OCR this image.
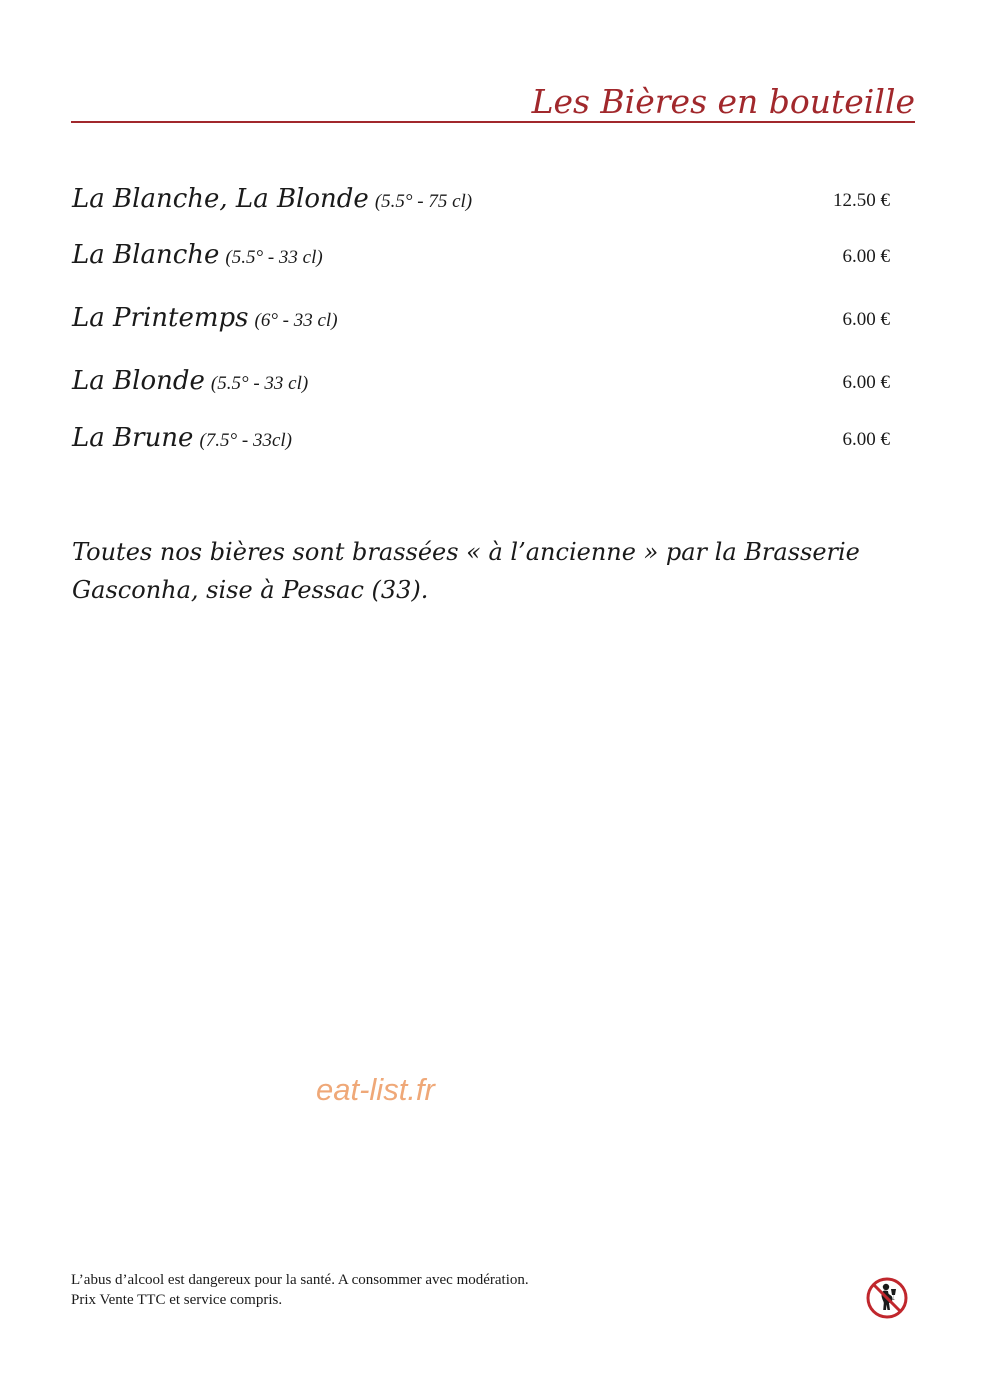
Les Bières en bouteille
La Blanche, La Blonde (5.5° - 75 cl)	12.50 €
La Blanche (5.5° - 33 cl)	6.00 €
La Printemps (6° - 33 cl)	6.00 €
La Blonde (5.5° - 33 cl)	6.00 €
La Brune (7.5° - 33cl)	6.00 €
Toutes nos bières sont brassées « à l’ancienne » par la Brasserie Gasconha, sise à Pessac (33).
eat-list.fr
L’abus d’alcool est dangereux pour la santé. A consommer avec modération.
Prix Vente TTC et service compris.
